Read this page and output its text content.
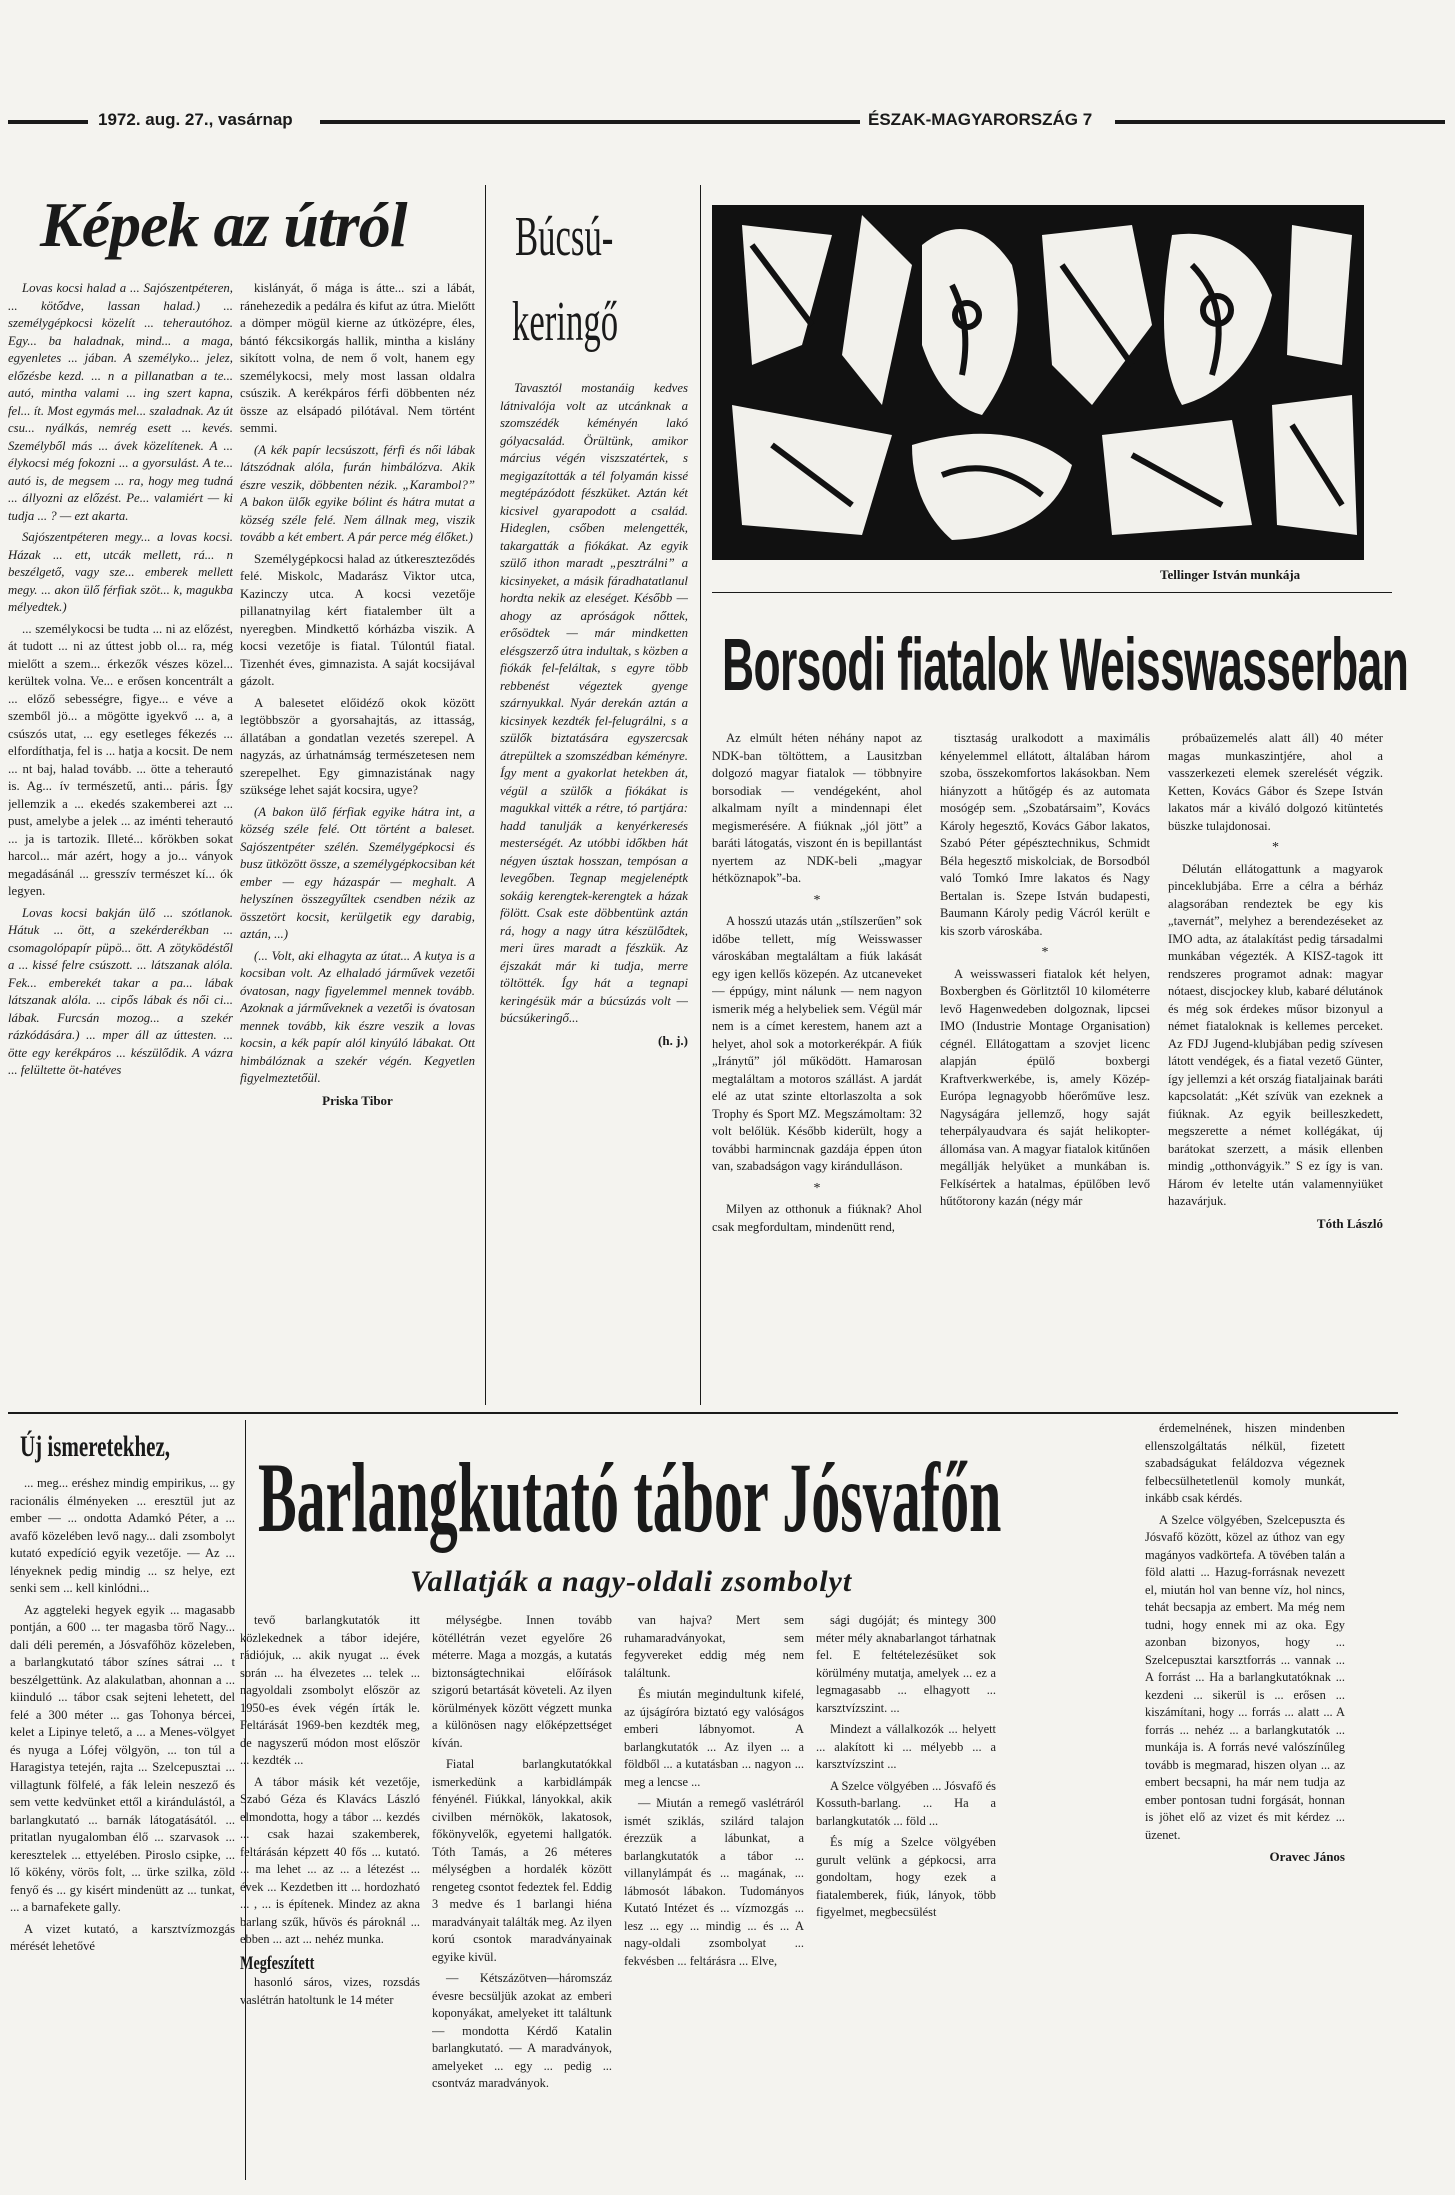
1972. aug. 27., vasárnap	ÉSZAK-MAGYARORSZÁG 7
Képek az útról

Lovas kocsi halad a ... Sajószentpéteren, ... kötődve, lassan halad.) ... személygépkocsi közelít ... teherautóhoz. Egy... ba haladnak, mind... a maga, egyenletes ... jában. A személyko... jelez, előzésbe kezd. ... n a pillanatban a te... autó, mintha valami ... ing szert kapna, fel... ít. Most egymás mel... szaladnak. Az út csu... nyálkás, nemrég esett ... kevés. Személyből más ... ávek közelítenek. A ... élykocsi még fokozni ... a gyorsulást. A te... autó is, de megsem ... ra, hogy meg tudná ... állyozni az előzést. Pe... valamiért — ki tudja ... ? — ezt akarta.

Sajószentpéteren megy... a lovas kocsi. Házak ... ett, utcák mellett, rá... n beszélgető, vagy sze... emberek mellett megy. ... akon ülő férfiak szöt... k, magukba mélyedtek.)

... személykocsi be tudta ... ni az előzést, át tudott ... ni az úttest jobb ol... ra, még mielőtt a szem... érkezők vészes közel... kerültek volna. Ve... e erősen koncentrált a ... előző sebességre, figye... e véve a szemből jö... a mögötte igyekvő ... a, a csúszós utat, ... egy esetleges fékezés ... elfordíthatja, fel is ... hatja a kocsit. De nem ... nt baj, halad tovább. ... ötte a teherautó is. Ag... ív természetű, anti... páris. Így jellemzik a ... ekedés szakemberei azt ... pust, amelybe a jelek ... az iménti teherautó ... ja is tartozik. Illeté... kőrökben sokat harcol... már azért, hogy a jo... ványok megadásánál ... gresszív természet kí... ók legyen.

Lovas kocsi bakján ülő ... szótlanok. Hátuk ... ött, a szekérderékban ... csomagolópapír püpö... ött. A zötyködéstől a ... kissé felre csúszott. ... látszanak alóla. Fek... emberekét takar a pa... lábak látszanak alóla. ... cipős lábak és női ci... lábak. Furcsán mozog... a szekér rázkódására.) ... mper áll az úttesten. ... ötte egy kerékpáros ... készülődik. A vázra ... felültette öt-hatéves

kislányát, ő mága is átte... szi a lábát, ránehezedik a pedálra és kifut az útra. Mielőtt a dömper mögül kierne az útközépre, éles, bántó fékcsikorgás hallik, mintha a kislány sikított volna, de nem ő volt, hanem egy személykocsi, mely most lassan oldalra csúszik. A kerékpáros férfi döbbenten néz össze az elsápadó pilótával. Nem történt semmi.

(A kék papír lecsúszott, férfi és női lábak látszódnak alóla, furán himbálózva. Akik észre veszik, döbbenten nézik. „Karambol?” A bakon ülők egyike bólint és hátra mutat a község széle felé. Nem állnak meg, viszik tovább a két embert. A pár perce még élőket.)

Személygépkocsi halad az útkereszteződés felé. Miskolc, Madarász Viktor utca, Kazinczy utca. A kocsi vezetője pillanatnyilag kért fiatalember ült a nyeregben. Mindkettő kórházba viszik. A kocsi vezetője is fiatal. Túlontúl fiatal. Tizenhét éves, gimnazista. A saját kocsijával gázolt.

A balesetet előidéző okok között legtöbbször a gyorsahajtás, az ittasság, állatában a gondatlan vezetés szerepel. A nagyzás, az úrhatnámság természetesen nem szerepelhet. Egy gimnazistának nagy szüksége lehet saját kocsira, ugye?

(A bakon ülő férfiak egyike hátra int, a község széle felé. Ott történt a baleset. Sajószentpéter szélén. Személygépkocsi és busz ütközött össze, a személygépkocsiban két ember — egy házaspár — meghalt. A helyszínen összegyűltek csendben nézik az összetört kocsit, kerülgetik egy darabig, aztán, ...)

(... Volt, aki elhagyta az útat... A kutya is a kocsiban volt. Az elhaladó járművek vezetői óvatosan, nagy figyelemmel mennek tovább. Azoknak a járműveknek a vezetői is óvatosan mennek tovább, kik észre veszik a lovas kocsin, a kék papír alól kinyúló lábakat. Ott himbálóznak a szekér végén. Kegyetlen figyelmeztetőül.

Priska Tibor
Búcsú-
keringő

Tavasztól mostanáig kedves látnivalója volt az utcánknak a szomszédék kéményén lakó gólyacsalád. Örültünk, amikor március végén viszszatértek, s megigazították a tél folyamán kissé megtépázódott fészküket. Aztán két kicsivel gyarapodott a család. Hideglen, csőben melengették, takargatták a fiókákat. Az egyik szülő ithon maradt „pesztrálni” a kicsinyeket, a másik fáradhatatlanul hordta nekik az eleséget. Később — ahogy az apróságok nőttek, erősödtek — már mindketten elésgszerző útra indultak, s közben a fiókák fel-feláltak, s egyre több rebbenést végeztek gyenge szárnyukkal. Nyár derekán aztán a kicsinyek kezdték fel-felugrálni, s a szülők biztatására egyszercsak átrepültek a szomszédban kéményre. Így ment a gyakorlat hetekben át, végül a szülők a fiókákat is magukkal vitték a rétre, tó partjára: hadd tanulják a kenyérkeresés mesterségét. Az utóbbi időkben hát négyen úsztak hosszan, tempósan a levegőben. Tegnap megjelenéptk sokáig kerengtek-kerengtek a házak fölött. Csak este döbbentünk aztán rá, hogy a nagy útra készülődtek, meri üres maradt a fészkük. Az éjszakát már ki tudja, merre töltötték. Így hát a tegnapi keringésük már a búcsúzás volt — búcsúkeringő...

(h. j.)
Tellinger István munkája
Borsodi fiatalok Weisswasserban

Az elmúlt héten néhány napot az NDK-ban töltöttem, a Lausitzban dolgozó magyar fiatalok — többnyire borsodiak — vendégeként, ahol alkalmam nyílt a mindennapi élet megismerésére. A fiúknak „jól jött” a baráti látogatás, viszont én is bepillantást nyertem az NDK-beli „magyar hétköznapok”-ba.

*

A hosszú utazás után „stílszerűen” sok időbe tellett, míg Weisswasser városkában megtaláltam a fiúk lakását egy igen kellős közepén. Az utcaneveket — éppúgy, mint nálunk — nem nagyon ismerik még a helybeliek sem. Végül már nem is a címet kerestem, hanem azt a helyet, ahol sok a motorkerékpár. A fiúk „Iránytű” jól működött. Hamarosan megtaláltam a motoros szállást. A jardát elé az utat szinte eltorlaszolta a sok Trophy és Sport MZ. Megszámoltam: 32 volt belőlük. Később kiderült, hogy a további harmincnak gazdája éppen úton van, szabadságon vagy kirándulláson.

*

Milyen az otthonuk a fiúknak? Ahol csak megfordultam, mindenütt rend,

tisztaság uralkodott a maximális kényelemmel ellátott, általában három szoba, összekomfortos lakásokban. Nem hiányzott a hűtőgép és az automata mosógép sem. „Szobatársaim”, Kovács Károly hegesztő, Kovács Gábor lakatos, Szabó Péter gépésztechnikus, Schmidt Béla hegesztő miskolciak, de Borsodból való Tomkó Imre lakatos és Nagy Bertalan is. Szepe István budapesti, Baumann Károly pedig Vácról került e kis szorb városkába.

*

A weisswasseri fiatalok két helyen, Boxbergben és Görlitztől 10 kilométerre levő Hagenwedeben dolgoznak, lipcsei IMO (Industrie Montage Organisation) cégnél. Ellátogattam a szovjet licenc alapján épülő boxbergi Kraftverkwerkébe, is, amely Közép-Európa legnagyobb hőerőműve lesz. Nagyságára jellemző, hogy saját teherpályaudvara és saját helikopter-állomása van. A magyar fiatalok kitűnően megállják helyüket a munkában is. Felkísértek a hatalmas, épülőben levő hűtőtorony kazán (négy már

próbaüzemelés alatt áll) 40 méter magas munkaszintjére, ahol a vasszerkezeti elemek szerelését végzik. Ketten, Kovács Gábor és Szepe István lakatos már a kiváló dolgozó kitüntetés büszke tulajdonosai.

*

Délután ellátogattunk a magyarok pinceklubjába. Erre a célra a bérház alagsorában rendeztek be egy kis „tavernát”, melyhez a berendezéseket az IMO adta, az átalakítást pedig társadalmi munkában végezték. A KISZ-tagok itt rendszeres programot adnak: magyar nótaest, discjockey klub, kabaré délutánok és még sok érdekes műsor bizonyul a német fiataloknak is kellemes perceket. Az FDJ Jugend-klubjában pedig szívesen látott vendégek, és a fiatal vezető Günter, így jellemzi a két ország fiataljainak baráti kapcsolatát: „Két szívük van ezeknek a fiúknak. Az egyik beilleszkedett, megszerette a német kollégákat, új barátokat szerzett, a másik ellenben mindig „otthonvágyik.” S ez így is van. Három év letelte után valamennyiüket hazavárjuk.

Tóth László
Új ismeretekhez,

... meg... eréshez mindig empirikus, ... gy racionális élményeken ... eresztül jut az ember — ... ondotta Adamkó Péter, a ... avafő közelében levő nagy... dali zsombolyt kutató expedíció egyik vezetője. — Az ... lényeknek pedig mindig ... sz helye, ezt senki sem ... kell kinlódni...

Az aggteleki hegyek egyik ... magasabb pontján, a 600 ... ter magasba törő Nagy... dali déli peremén, a Jósvafőhöz közeleben, a barlangkutató tábor színes sátrai ... t beszélgettünk. Az alakulatban, ahonnan a ... kiinduló ... tábor csak sejteni lehetett, del felé a 300 méter ... gas Tohonya bércei, kelet a Lipinye telető, a ... a Menes-völgyet és nyuga a Lófej völgyön, ... ton túl a Haragistya tetején, rajta ... Szelcepusztai ... villagtunk fölfelé, a fák lelein neszező és sem vette kedvünket ettől a kirándulástól, a barlangkutató ... barnák látogatásától. ... pritatlan nyugalomban élő ... szarvasok ... keresztelek ... ettyelében. Piroslo csipke, ... lő kökény, vörös folt, ... ürke szilka, zöld fenyő és ... gy kisért mindenütt az ... tunkat, ... a barnafekete gally.

A vizet kutató, a karsztvízmozgás mérését lehetővé

Barlangkutató tábor Jósvafőn
Vallatják a nagy-oldali zsombolyt

tevő barlangkutatók itt közlekednek a tábor idejére, rádiójuk, ... akik nyugat ... évek során ... ha élvezetes ... telek ... nagyoldali zsombolyt először az 1950-es évek végén írták le. Feltárását 1969-ben kezdték meg, de nagyszerű módon most először ... kezdték ...

A tábor másik két vezetője, Szabó Géza és Klavács László elmondotta, hogy a tábor ... kezdés ... csak hazai szakemberek, feltárásán képzett 40 fős ... kutató. ... ma lehet ... az ... a létezést ... évek ... Kezdetben itt ... hordozható ... , ... is építenek. Mindez az akna barlang szűk, hűvös és pároknál ... ebben ... azt ... nehéz munka.

Megfeszített

hasonló sáros, vizes, rozsdás vaslétrán hatoltunk le 14 méter

mélységbe. Innen tovább kötéllétrán vezet egyelőre 26 méterre. Maga a mozgás, a kutatás biztonságtechnikai előírások szigorú betartását követeli. Az ilyen körülmények között végzett munka a különösen nagy előképzettséget kíván.

Fiatal barlangkutatókkal ismerkedünk a karbidlámpák fényénél. Fiúkkal, lányokkal, akik civilben mérnökök, lakatosok, főkönyvelők, egyetemi hallgatók. Tóth Tamás, a 26 méteres mélységben a hordalék között rengeteg csontot fedeztek fel. Eddig 3 medve és 1 barlangi hiéna maradványait találták meg. Az ilyen korú csontok maradványainak egyike kivül.

— Kétszázötven—háromszáz évesre becsüljük azokat az emberi koponyákat, amelyeket itt találtunk — mondotta Kérdő Katalin barlangkutató. — A maradványok, amelyeket ... egy ... pedig ... csontváz maradványok.

van hajva? Mert sem ruhamaradványokat, sem fegyvereket eddig még nem találtunk.

És miután megindultunk kifelé, az újságíróra biztató egy valóságos emberi lábnyomot. A barlangkutatók ... Az ilyen ... a földből ... a kutatásban ... nagyon ... meg a lencse ...

— Miután a remegő vaslétráról ismét sziklás, szilárd talajon érezzük a lábunkat, a barlangkutatók a tábor ... villanylámpát és ... magának, ... lábmosót lábakon. Tudományos Kutató Intézet és ... vízmozgás ... lesz ... egy ... mindig ... és ... A nagy-oldali zsombolyat ... fekvésben ... feltárásra ... Elve,

sági dugóját; és mintegy 300 méter mély aknabarlangot tárhatnak fel. E feltételezésüket sok körülmény mutatja, amelyek ... ez a legmagasabb ... elhagyott ... karsztvízszint. ...

Mindezt a vállalkozók ... helyett ... alakított ki ... mélyebb ... a karsztvízszint ...

A Szelce völgyében ... Jósvafő és Kossuth-barlang. ... Ha a barlangkutatók ... föld ...

És míg a Szelce völgyében gurult velünk a gépkocsi, arra gondoltam, hogy ezek a fiatalemberek, fiúk, lányok, több figyelmet, megbecsülést

érdemelnének, hiszen mindenben ellenszolgáltatás nélkül, fizetett szabadságukat feláldozva végeznek felbecsülhetetlenül komoly munkát, inkább csak kérdés.

A Szelce völgyében, Szelcepuszta és Jósvafő között, közel az úthoz van egy magányos vadkörtefa. A tövében talán a föld alatti ... Hazug-forrásnak nevezett el, miután hol van benne víz, hol nincs, tehát becsapja az embert. Ma még nem tudni, hogy ennek mi az oka. Egy azonban bizonyos, hogy ... Szelcepusztai karsztforrás ... vannak ... A forrást ... Ha a barlangkutatóknak ... kezdeni ... sikerül is ... erősen ... kiszámítani, hogy ... forrás ... alatt ... A forrás ... nehéz ... a barlangkutatók ... munkája is. A forrás nevé valószínűleg tovább is megmarad, hiszen olyan ... az embert becsapni, ha már nem tudja az ember pontosan tudni forgását, honnan is jöhet elő az vizet és mit kérdez ... üzenet.

Oravec János
